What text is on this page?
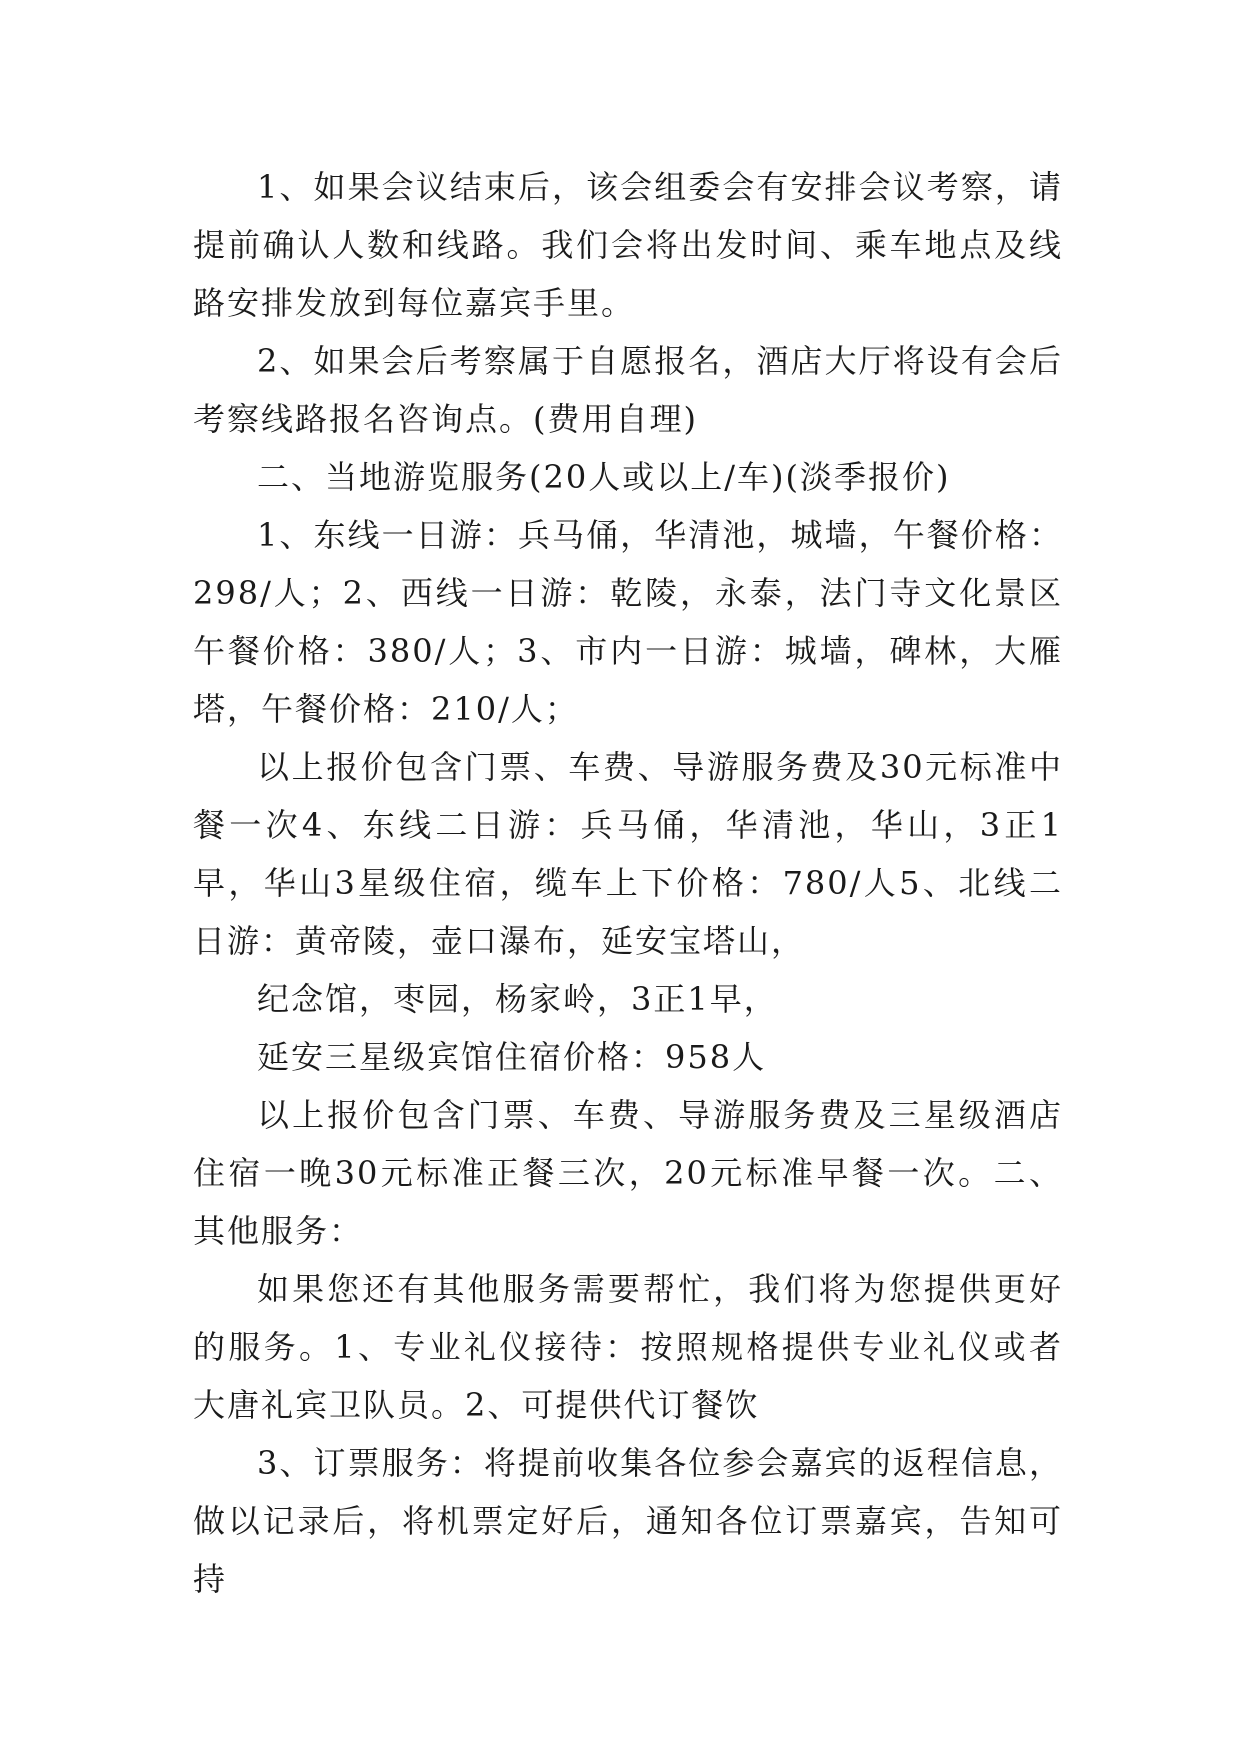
1、如果会议结束后，该会组委会有安排会议考察，请提前确认人数和线路。我们会将出发时间、乘车地点及线路安排发放到每位嘉宾手里。

2、如果会后考察属于自愿报名，酒店大厅将设有会后考察线路报名咨询点。(费用自理)

二、当地游览服务(20人或以上/车)(淡季报价)

1、东线一日游：兵马俑，华清池，城墙，午餐价格：298/人；2、西线一日游：乾陵，永泰，法门寺文化景区午餐价格：380/人；3、市内一日游：城墙，碑林，大雁塔，午餐价格：210/人；

以上报价包含门票、车费、导游服务费及30元标准中餐一次4、东线二日游：兵马俑，华清池，华山，3正1早，华山3星级住宿，缆车上下价格：780/人5、北线二日游：黄帝陵，壶口瀑布，延安宝塔山，

纪念馆，枣园，杨家岭，3正1早，

延安三星级宾馆住宿价格：958人

以上报价包含门票、车费、导游服务费及三星级酒店住宿一晚30元标准正餐三次，20元标准早餐一次。二、其他服务：

如果您还有其他服务需要帮忙，我们将为您提供更好的服务。1、专业礼仪接待：按照规格提供专业礼仪或者大唐礼宾卫队员。2、可提供代订餐饮

3、订票服务：将提前收集各位参会嘉宾的返程信息，做以记录后，将机票定好后，通知各位订票嘉宾，告知可持
